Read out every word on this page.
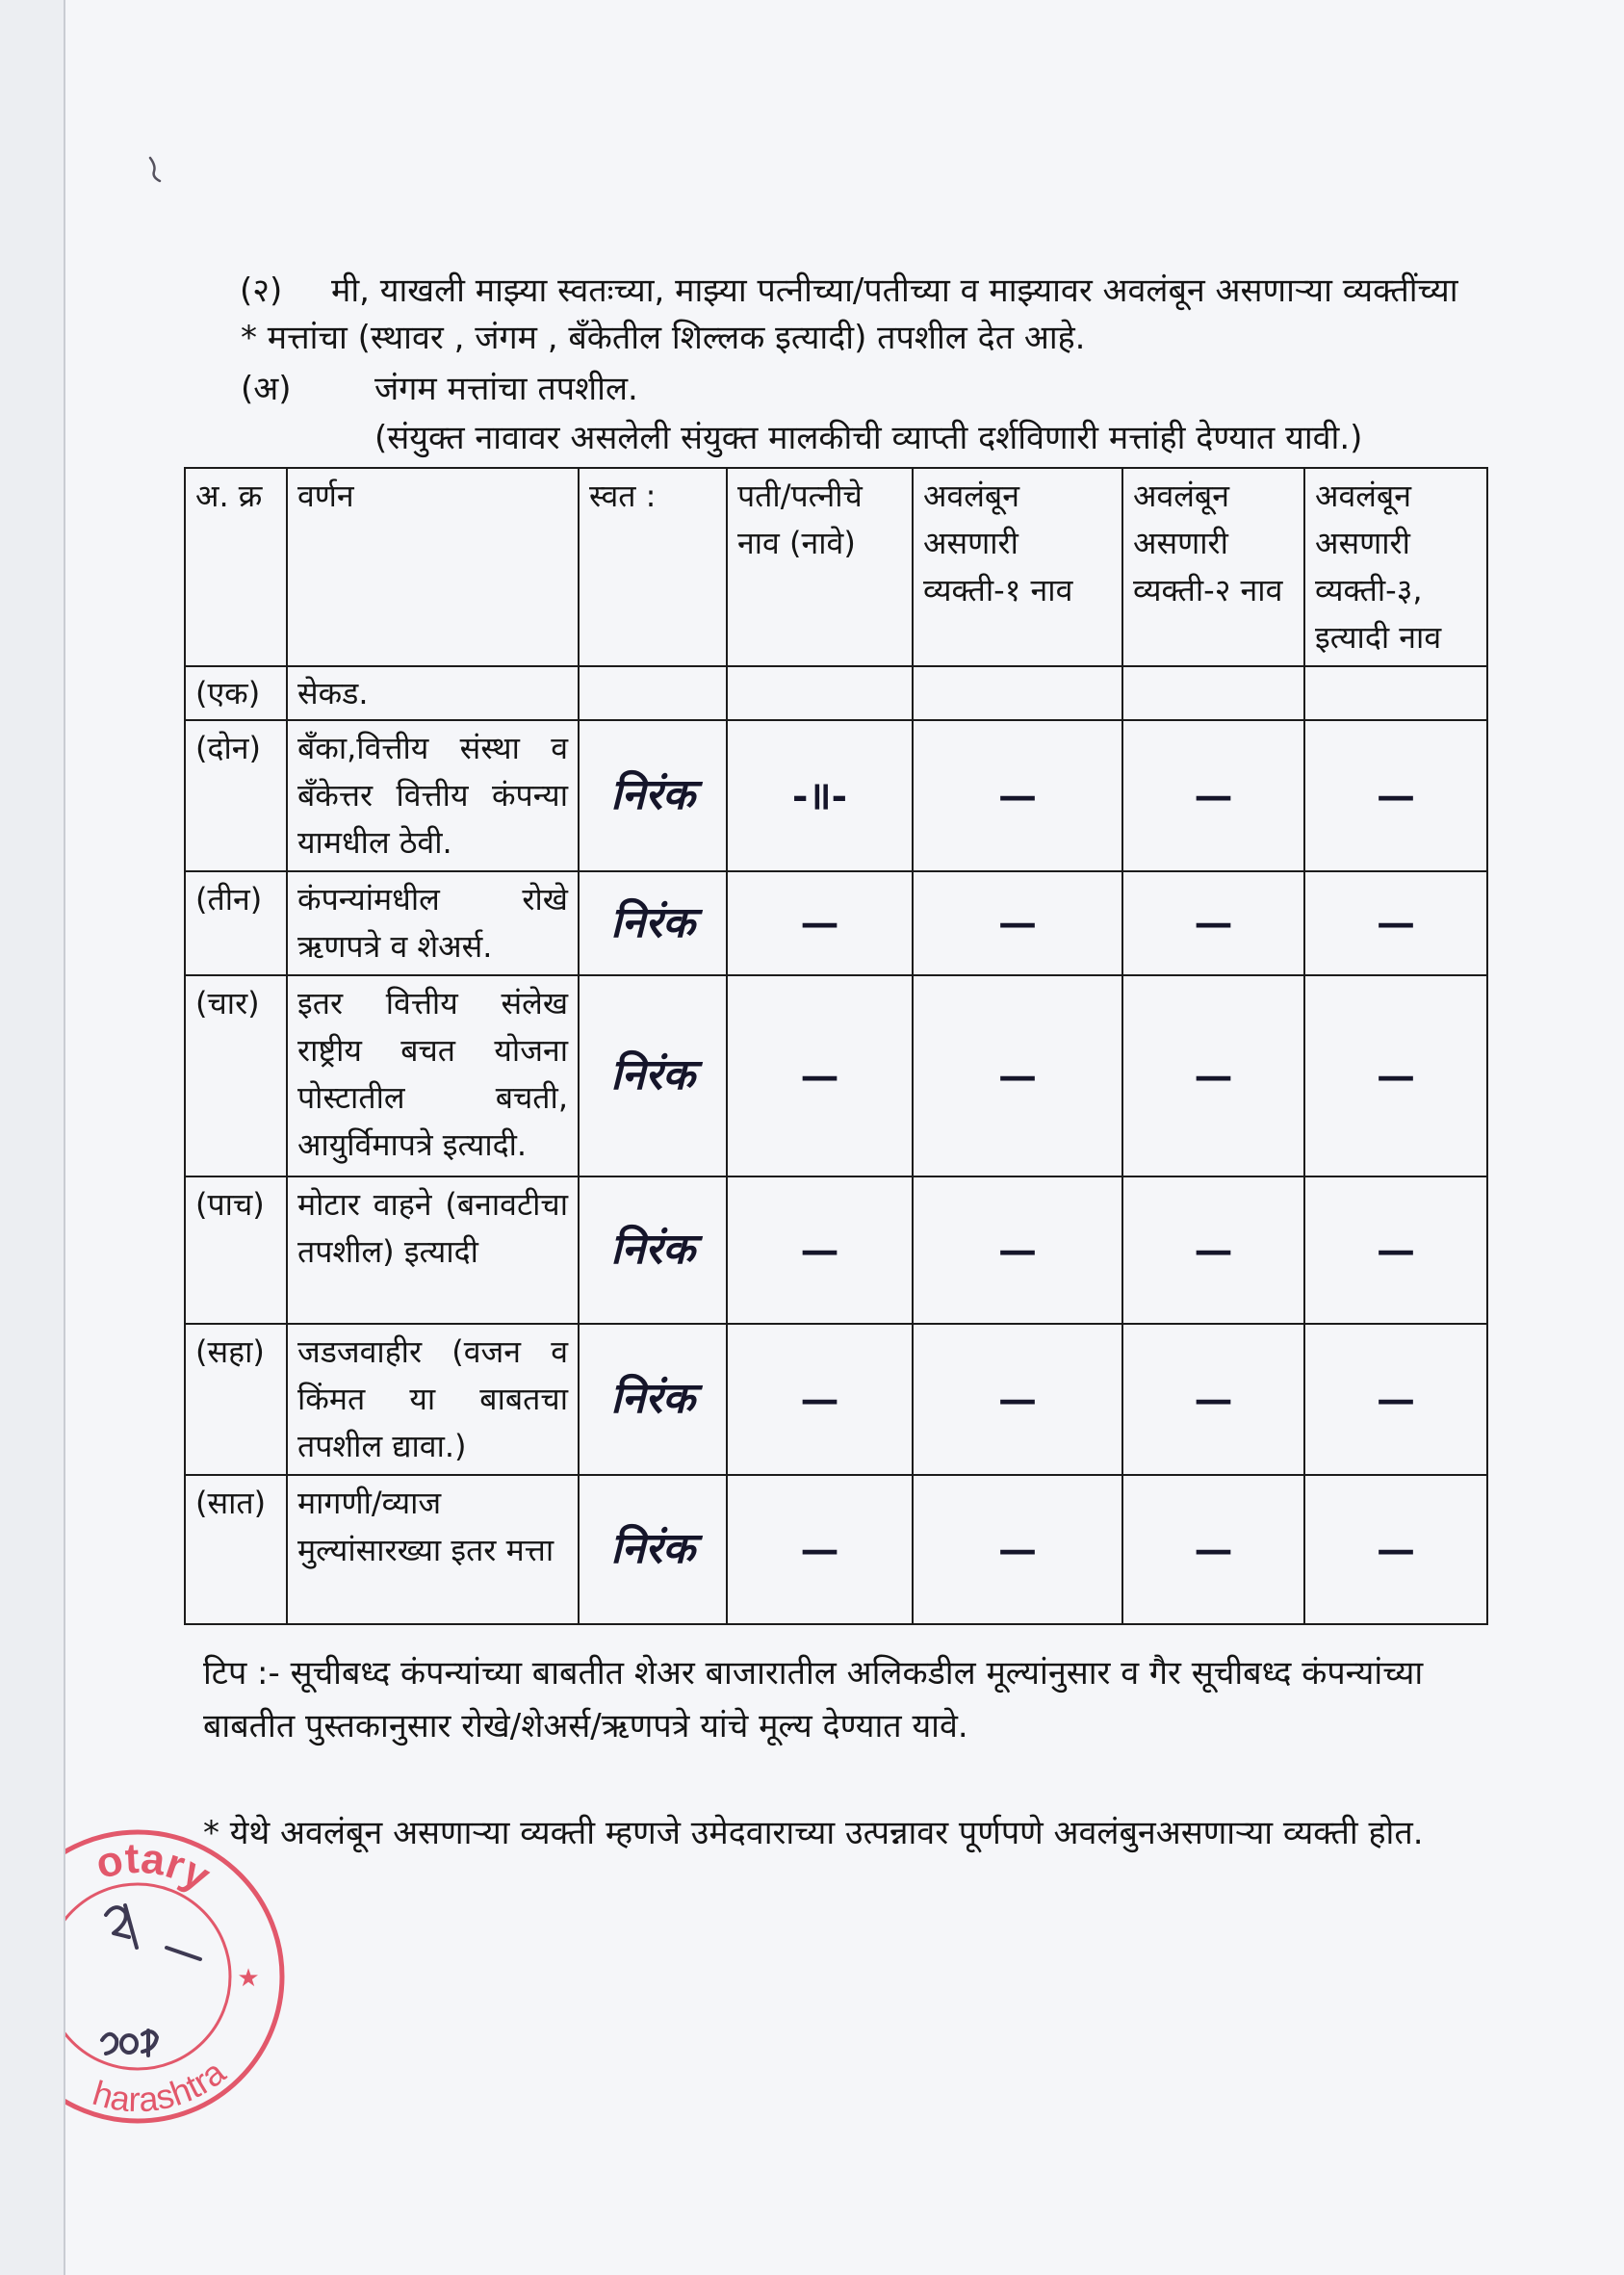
(२) मी, याखली माझ्या स्वतःच्या, माझ्या पत्नीच्या/पतीच्या व माझ्यावर अवलंबून असणाऱ्या व्यक्तींच्या
* मत्तांचा (स्थावर , जंगम , बँकेतील शिल्लक इत्यादी) तपशील देत आहे.
(अ)	जंगम मत्तांचा तपशील.
(संयुक्त नावावर असलेली संयुक्त मालकीची व्याप्ती दर्शविणारी मत्तांही देण्यात यावी.)
अ. क्र	वर्णन	स्वत :	पती/पत्नीचे नाव (नावे)	अवलंबून असणारी व्यक्ती-१ नाव	अवलंबून असणारी व्यक्ती-२ नाव	अवलंबून असणारी व्यक्ती-३, इत्यादी नाव
(एक)	सेकड.					
(दोन)	बँका,वित्तीय संस्था व बँकेत्तर वित्तीय कंपन्या यामधील ठेवी.	निरंक	-॥-	—	—	—
(तीन)	कंपन्यांमधील रोखे ऋणपत्रे व शेअर्स.	निरंक	—	—	—	—
(चार)	इतर वित्तीय संलेख राष्ट्रीय बचत योजना पोस्टातील बचती, आयुर्विमापत्रे इत्यादी.	निरंक	—	—	—	—
(पाच)	मोटार वाहने (बनावटीचा तपशील) इत्यादी	निरंक	—	—	—	—
(सहा)	जडजवाहीर (वजन व किंमत या बाबतचा तपशील द्यावा.)	निरंक	—	—	—	—
(सात)	मागणी/व्याज मुल्यांसारख्या इतर मत्ता	निरंक	—	—	—	—
टिप :- सूचीबध्द कंपन्यांच्या बाबतीत शेअर बाजारातील अलिकडील मूल्यांनुसार व गैर सूचीबध्द कंपन्यांच्या
बाबतीत पुस्तकानुसार रोखे/शेअर्स/ऋणपत्रे यांचे मूल्य देण्यात यावे.
* येथे अवलंबून असणाऱ्या व्यक्ती म्हणजे उमेदवाराच्या उत्पन्नावर पूर्णपणे अवलंबुनअसणाऱ्या व्यक्ती होत.
otary
harashtra
★
